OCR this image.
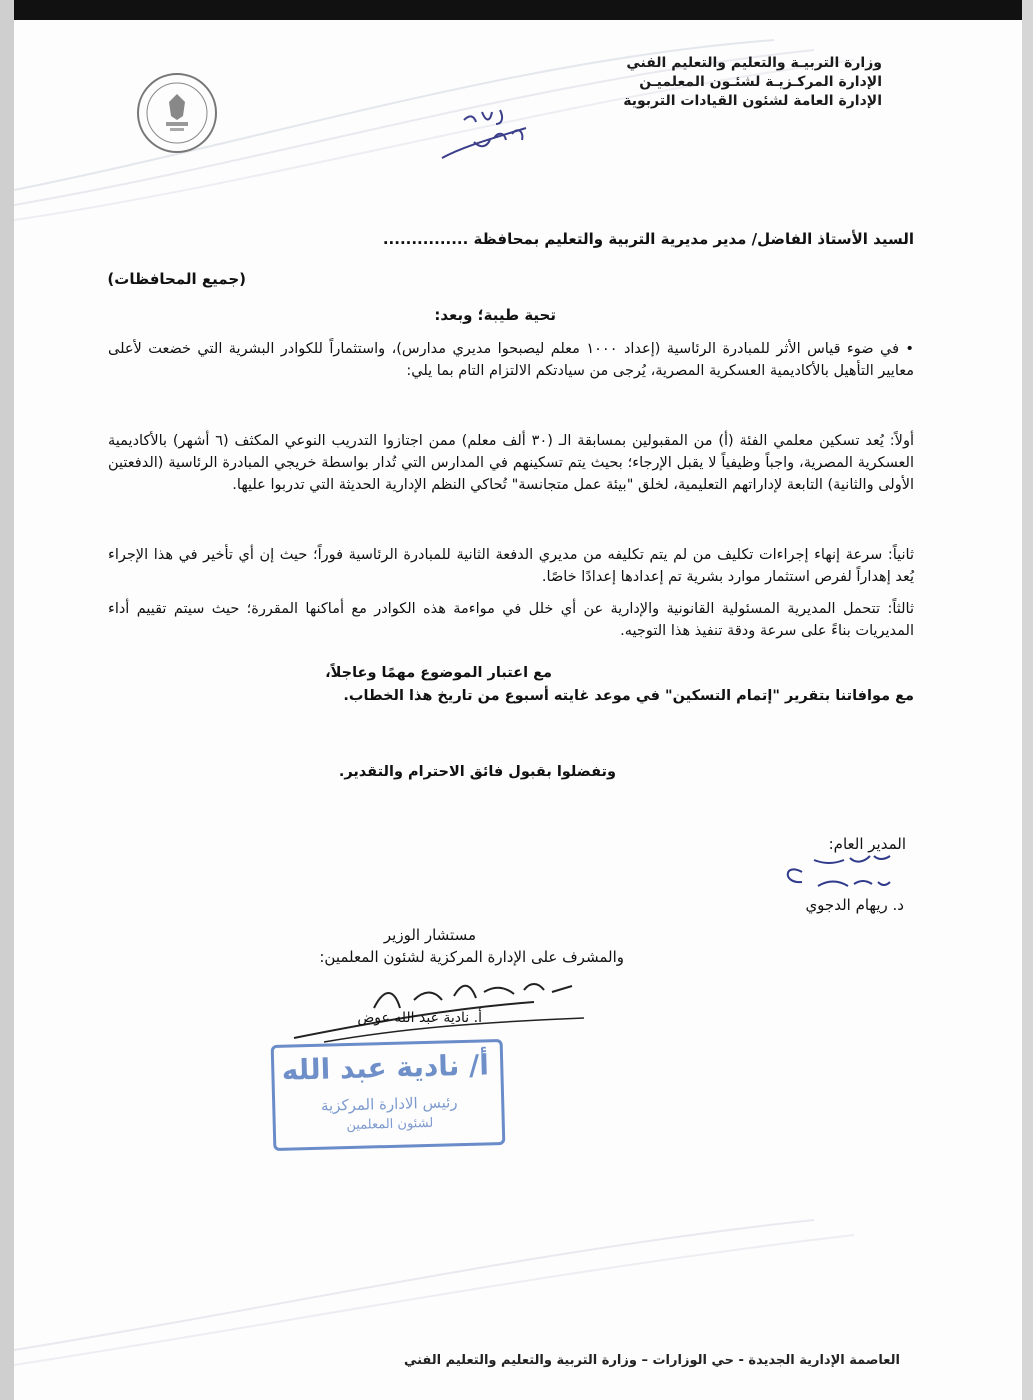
وزارة التربيـة والتعليم والتعليم الفني
الإدارة المركـزيـة لشئـون المعلميـن
الإدارة العامة لشئون القيادات التربوية
السيد الأستاذ الفاضل/ مدير مديرية التربية والتعليم بمحافظة ...............
(جميع المحافظات)
تحية طيبة؛ وبعد:
• في ضوء قياس الأثر للمبادرة الرئاسية (إعداد ١٠٠٠ معلم ليصبحوا مديري مدارس)، واستثماراً للكوادر البشرية التي خضعت لأعلى معايير التأهيل بالأكاديمية العسكرية المصرية، يُرجى من سيادتكم الالتزام التام بما يلي:
أولاً: يُعد تسكين معلمي الفئة (أ) من المقبولين بمسابقة الـ (٣٠ ألف معلم) ممن اجتازوا التدريب النوعي المكثف (٦ أشهر) بالأكاديمية العسكرية المصرية، واجباً وظيفياً لا يقبل الإرجاء؛ بحيث يتم تسكينهم في المدارس التي تُدار بواسطة خريجي المبادرة الرئاسية (الدفعتين الأولى والثانية) التابعة لإداراتهم التعليمية، لخلق "بيئة عمل متجانسة" تُحاكي النظم الإدارية الحديثة التي تدربوا عليها.
ثانياً: سرعة إنهاء إجراءات تكليف من لم يتم تكليفه من مديري الدفعة الثانية للمبادرة الرئاسية فوراً؛ حيث إن أي تأخير في هذا الإجراء يُعد إهداراً لفرص استثمار موارد بشرية تم إعدادها إعدادًا خاصًا.
ثالثاً: تتحمل المديرية المسئولية القانونية والإدارية عن أي خلل في مواءمة هذه الكوادر مع أماكنها المقررة؛ حيث سيتم تقييم أداء المديريات بناءً على سرعة ودقة تنفيذ هذا التوجيه.
مع اعتبار الموضوع مهمًا وعاجلاً،
مع موافاتنا بتقرير "إتمام التسكين" في موعد غايته أسبوع من تاريخ هذا الخطاب.
وتفضلوا بقبول فائق الاحترام والتقدير.
المدير العام:
د. ريهام الدجوي
مستشار الوزير
والمشرف على الإدارة المركزية لشئون المعلمين:
أ. نادية عبد الله عوض
أ/ نادية عبد الله
رئيس الادارة المركزية
لشئون المعلمين
العاصمة الإدارية الجديدة - حي الوزارات – وزارة التربية والتعليم والتعليم الفني
